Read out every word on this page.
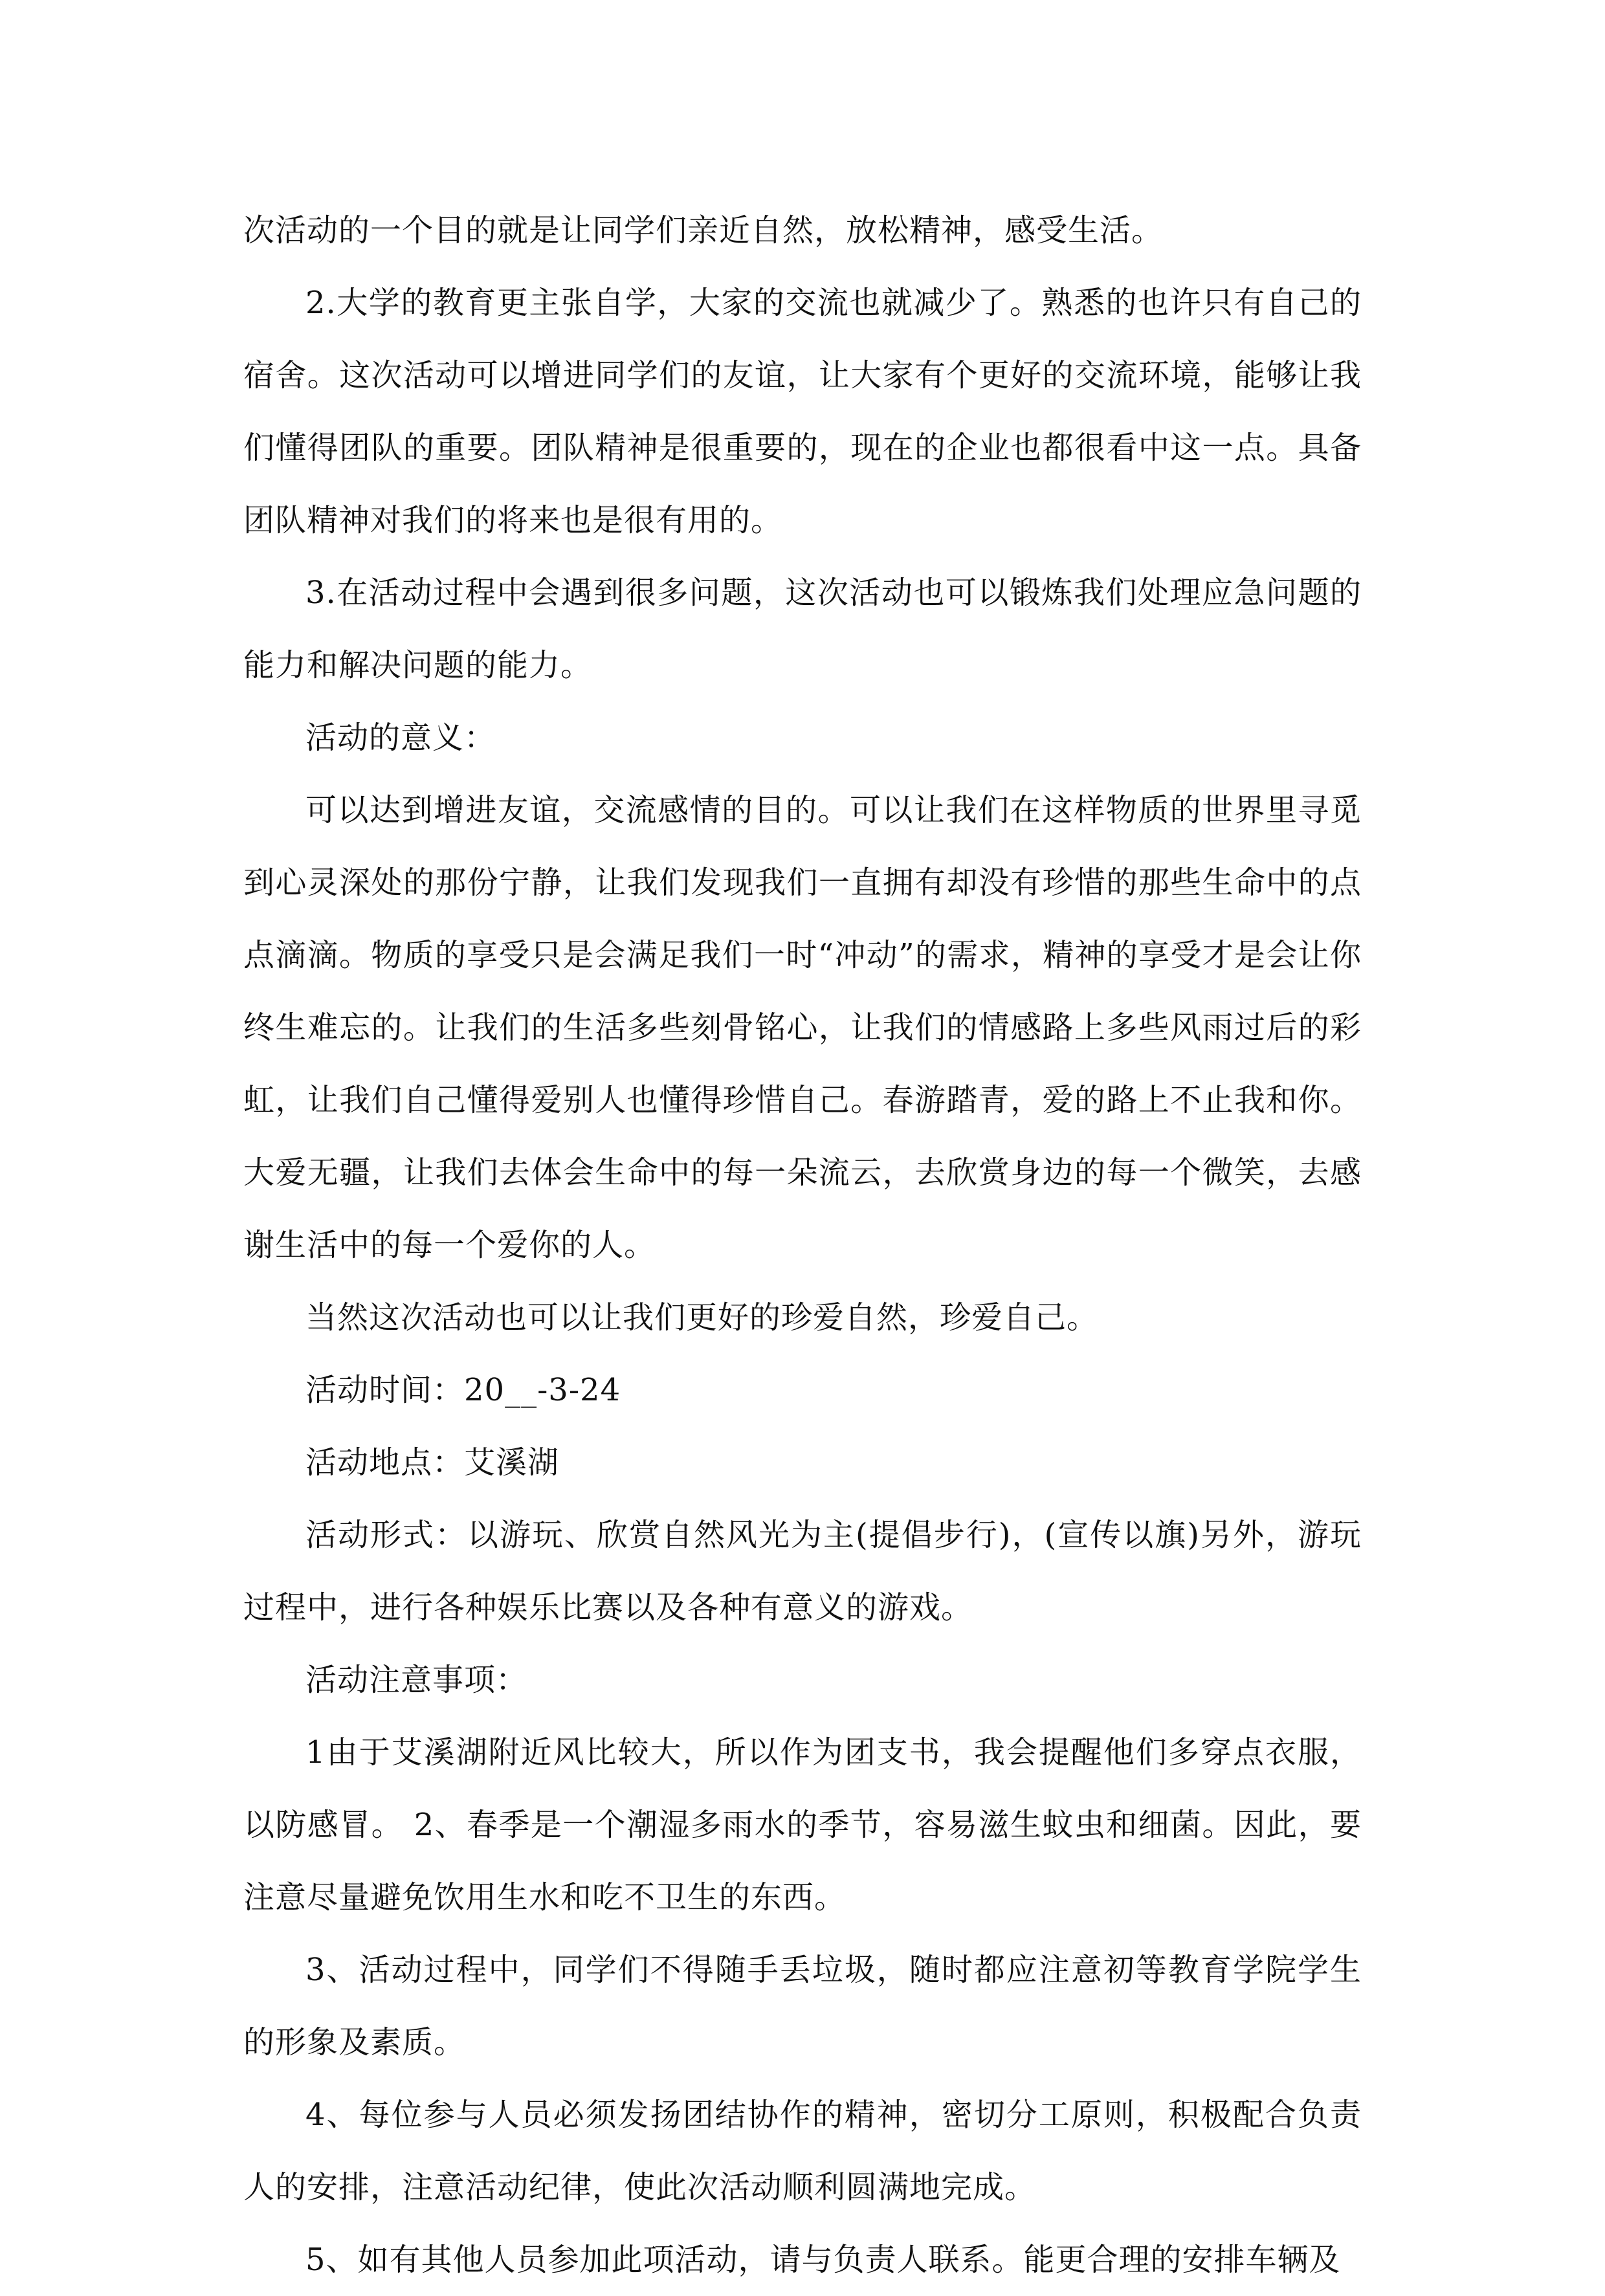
次活动的一个目的就是让同学们亲近自然，放松精神，感受生活。

2.大学的教育更主张自学，大家的交流也就减少了。熟悉的也许只有自己的宿舍。这次活动可以增进同学们的友谊，让大家有个更好的交流环境，能够让我们懂得团队的重要。团队精神是很重要的，现在的企业也都很看中这一点。具备团队精神对我们的将来也是很有用的。

3.在活动过程中会遇到很多问题，这次活动也可以锻炼我们处理应急问题的能力和解决问题的能力。

活动的意义：

可以达到增进友谊，交流感情的目的。可以让我们在这样物质的世界里寻觅到心灵深处的那份宁静，让我们发现我们一直拥有却没有珍惜的那些生命中的点点滴滴。物质的享受只是会满足我们一时“冲动”的需求，精神的享受才是会让你终生难忘的。让我们的生活多些刻骨铭心，让我们的情感路上多些风雨过后的彩虹，让我们自己懂得爱别人也懂得珍惜自己。春游踏青，爱的路上不止我和你。大爱无疆，让我们去体会生命中的每一朵流云，去欣赏身边的每一个微笑，去感谢生活中的每一个爱你的人。

当然这次活动也可以让我们更好的珍爱自然，珍爱自己。

活动时间：20__-3-24

活动地点：艾溪湖

活动形式：以游玩、欣赏自然风光为主(提倡步行)，(宣传以旗)另外，游玩过程中，进行各种娱乐比赛以及各种有意义的游戏。

活动注意事项：

1由于艾溪湖附近风比较大，所以作为团支书，我会提醒他们多穿点衣服，以防感冒。 2、春季是一个潮湿多雨水的季节，容易滋生蚊虫和细菌。因此，要注意尽量避免饮用生水和吃不卫生的东西。

3、活动过程中，同学们不得随手丢垃圾，随时都应注意初等教育学院学生的形象及素质。

4、每位参与人员必须发扬团结协作的精神，密切分工原则，积极配合负责人的安排，注意活动纪律，使此次活动顺利圆满地完成。

5、如有其他人员参加此项活动，请与负责人联系。能更合理的安排车辆及
